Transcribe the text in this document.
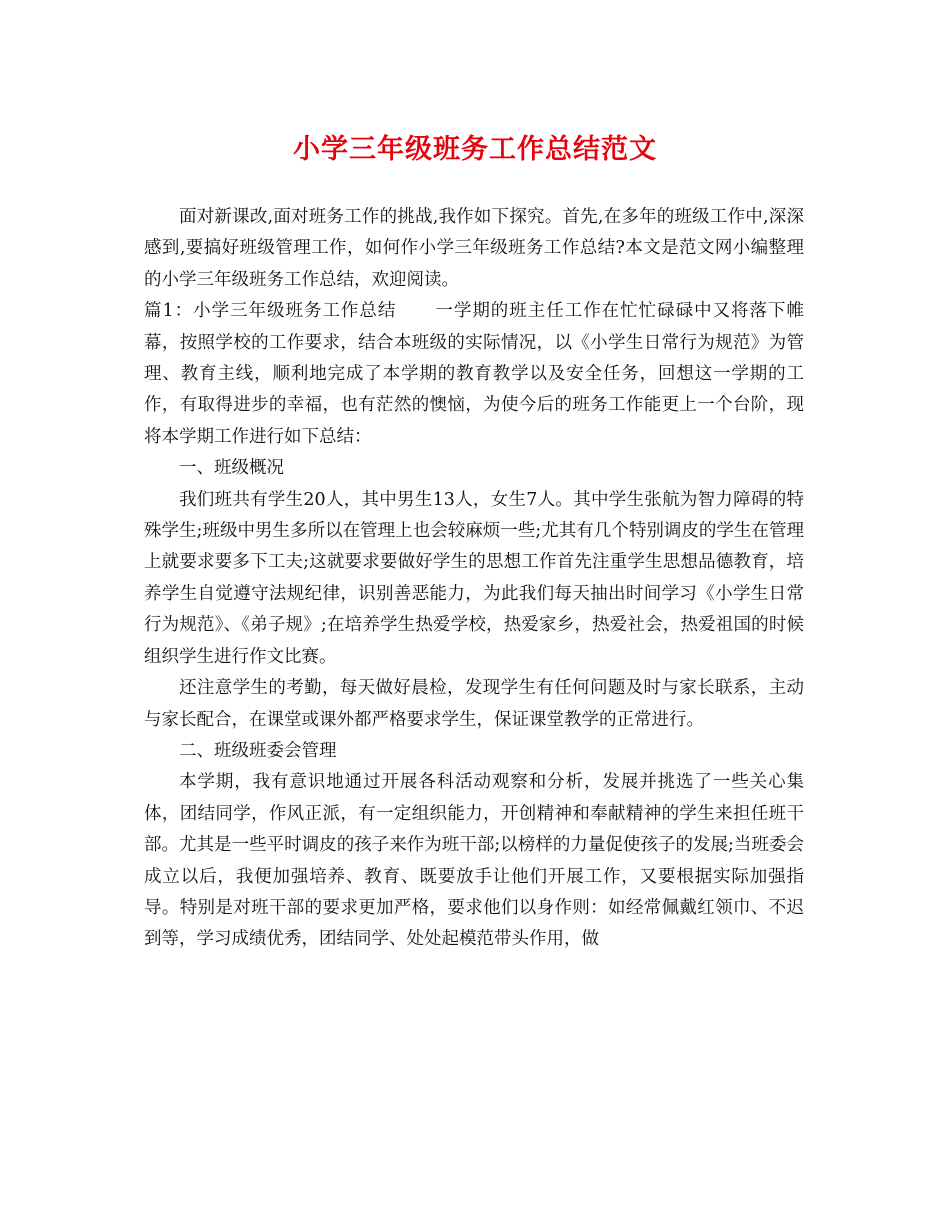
小学三年级班务工作总结范文

面对新课改,面对班务工作的挑战,我作如下探究。首先,在多年的班级工作中,深深感到,要搞好班级管理工作，如何作小学三年级班务工作总结?本文是范文网小编整理的小学三年级班务工作总结，欢迎阅读。

篇1：小学三年级班务工作总结 一学期的班主任工作在忙忙碌碌中又将落下帷幕，按照学校的工作要求，结合本班级的实际情况，以《小学生日常行为规范》为管理、教育主线，顺利地完成了本学期的教育教学以及安全任务，回想这一学期的工作，有取得进步的幸福，也有茫然的懊恼，为使今后的班务工作能更上一个台阶，现将本学期工作进行如下总结：

一、班级概况

我们班共有学生20人，其中男生13人，女生7人。其中学生张航为智力障碍的特殊学生;班级中男生多所以在管理上也会较麻烦一些;尤其有几个特别调皮的学生在管理上就要求要多下工夫;这就要求要做好学生的思想工作首先注重学生思想品德教育，培养学生自觉遵守法规纪律，识别善恶能力，为此我们每天抽出时间学习《小学生日常行为规范》、《弟子规》;在培养学生热爱学校，热爱家乡，热爱社会，热爱祖国的时候组织学生进行作文比赛。

还注意学生的考勤，每天做好晨检，发现学生有任何问题及时与家长联系，主动与家长配合，在课堂或课外都严格要求学生，保证课堂教学的正常进行。

二、班级班委会管理

本学期，我有意识地通过开展各科活动观察和分析，发展并挑选了一些关心集体，团结同学，作风正派，有一定组织能力，开创精神和奉献精神的学生来担任班干部。尤其是一些平时调皮的孩子来作为班干部;以榜样的力量促使孩子的发展;当班委会成立以后，我便加强培养、教育、既要放手让他们开展工作，又要根据实际加强指导。特别是对班干部的要求更加严格，要求他们以身作则：如经常佩戴红领巾、不迟到等，学习成绩优秀，团结同学、处处起模范带头作用，做
